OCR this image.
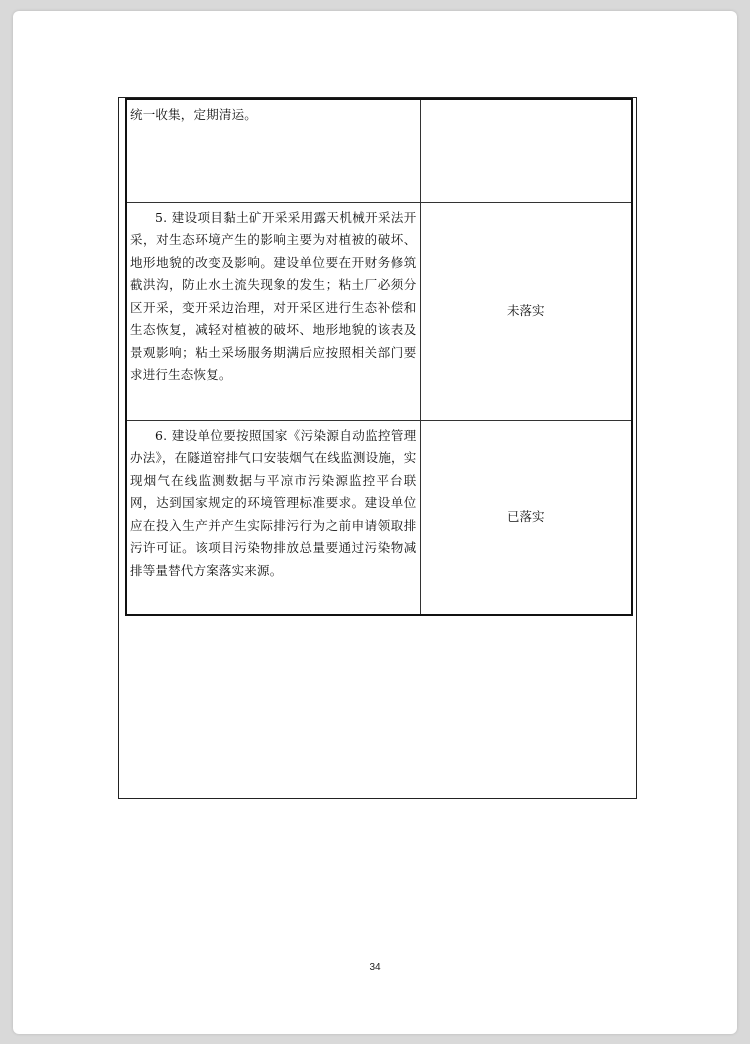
统一收集，定期清运。	

5. 建设项目黏土矿开采采用露天机械开采法开采，对生态环境产生的影响主要为对植被的破坏、地形地貌的改变及影响。建设单位要在开财务修筑截洪沟，防止水土流失现象的发生；粘土厂必须分区开采，变开采边治理，对开采区进行生态补偿和生态恢复，减轻对植被的破坏、地形地貌的该表及景观影响；粘土采场服务期满后应按照相关部门要求进行生态恢复。	未落实

6. 建设单位要按照国家《污染源自动监控管理办法》，在隧道窑排气口安装烟气在线监测设施，实现烟气在线监测数据与平凉市污染源监控平台联网，达到国家规定的环境管理标准要求。建设单位应在投入生产并产生实际排污行为之前申请领取排污许可证。该项目污染物排放总量要通过污染物减排等量替代方案落实来源。	已落实
34
